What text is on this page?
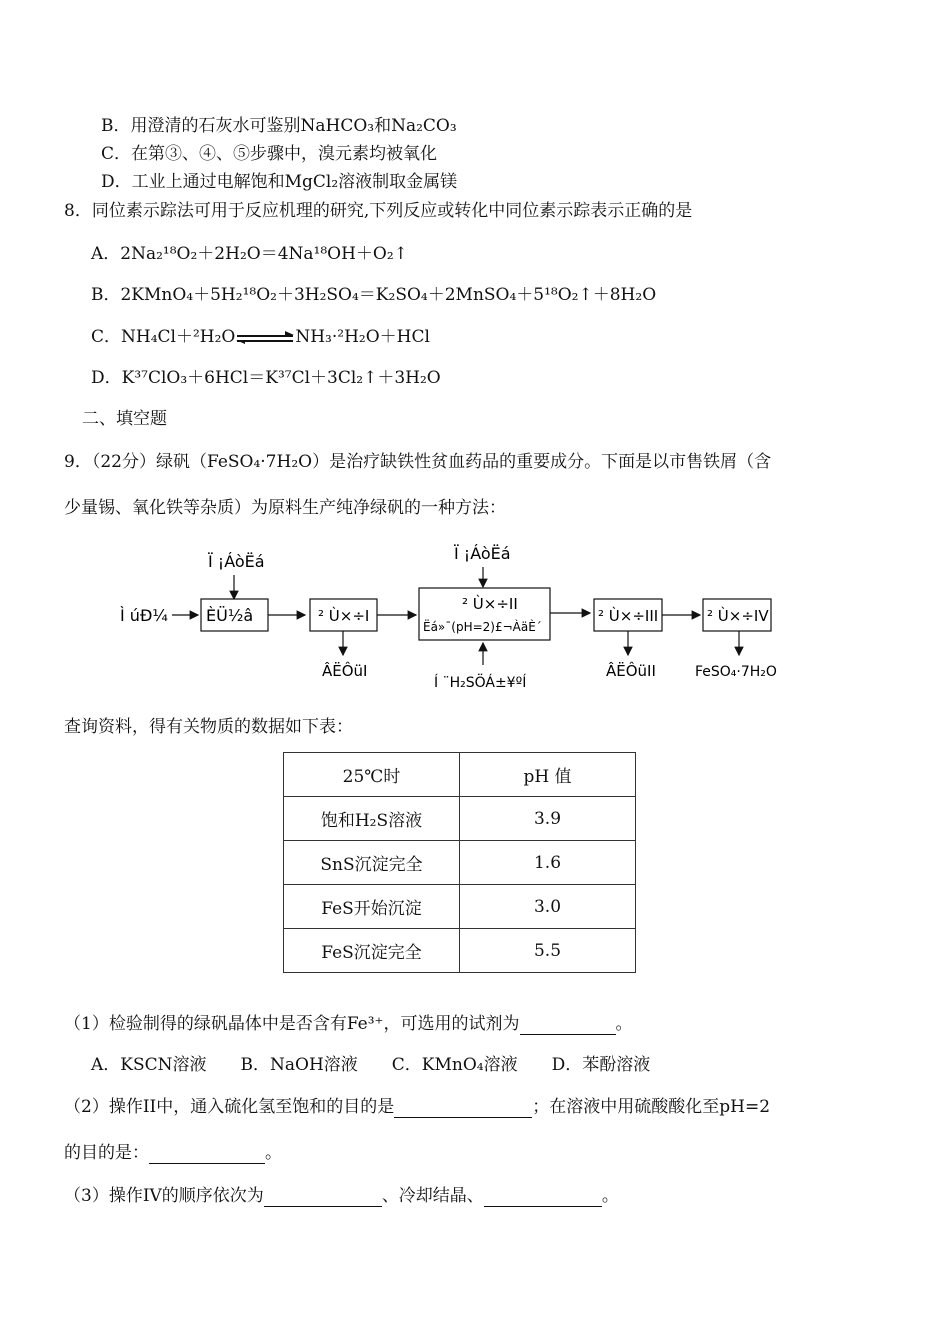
B．用澄清的石灰水可鉴别NaHCO₃和Na₂CO₃
C．在第③、④、⑤步骤中，溴元素均被氧化
D．工业上通过电解饱和MgCl₂溶液制取金属镁
8．同位素示踪法可用于反应机理的研究,下列反应或转化中同位素示踪表示正确的是
A．2Na₂¹⁸O₂＋2H₂O＝4Na¹⁸OH＋O₂↑
B．2KMnO₄＋5H₂¹⁸O₂＋3H₂SO₄＝K₂SO₄＋2MnSO₄＋5¹⁸O₂↑＋8H₂O
C．NH₄Cl＋²H₂O	NH₃·²H₂O＋HCl
D．K³⁷ClO₃＋6HCl＝K³⁷Cl＋3Cl₂↑＋3H₂O
二、填空题
9．（22分）绿矾（FeSO₄·7H₂O）是治疗缺铁性贫血药品的重要成分。下面是以市售铁屑（含
少量锡、氧化铁等杂质）为原料生产纯净绿矾的一种方法：
Ì úÐ¼
Ï ¡ÁòËá
ÈÜ½â	² Ù×÷I
ÂËÔüI
Ï ¡ÁòËá
² Ù×÷II
Ëá»¯(pH=2)£¬ÀäÈ´
Í ¨H₂SÖÁ±¥ºÍ
² Ù×÷III
ÂËÔüII
² Ù×÷IV
FeSO₄·7H₂O
查询资料，得有关物质的数据如下表：
25℃时	pH 值
饱和H₂S溶液	3.9
SnS沉淀完全	1.6
FeS开始沉淀	3.0
FeS沉淀完全	5.5
（1）检验制得的绿矾晶体中是否含有Fe³⁺，可选用的试剂为	。
A．KSCN溶液　　B．NaOH溶液　　C．KMnO₄溶液　　D．苯酚溶液
（2）操作II中，通入硫化氢至饱和的目的是	；在溶液中用硫酸酸化至pH=2
的目的是：	。
（3）操作IV的顺序依次为	、冷却结晶、	。
